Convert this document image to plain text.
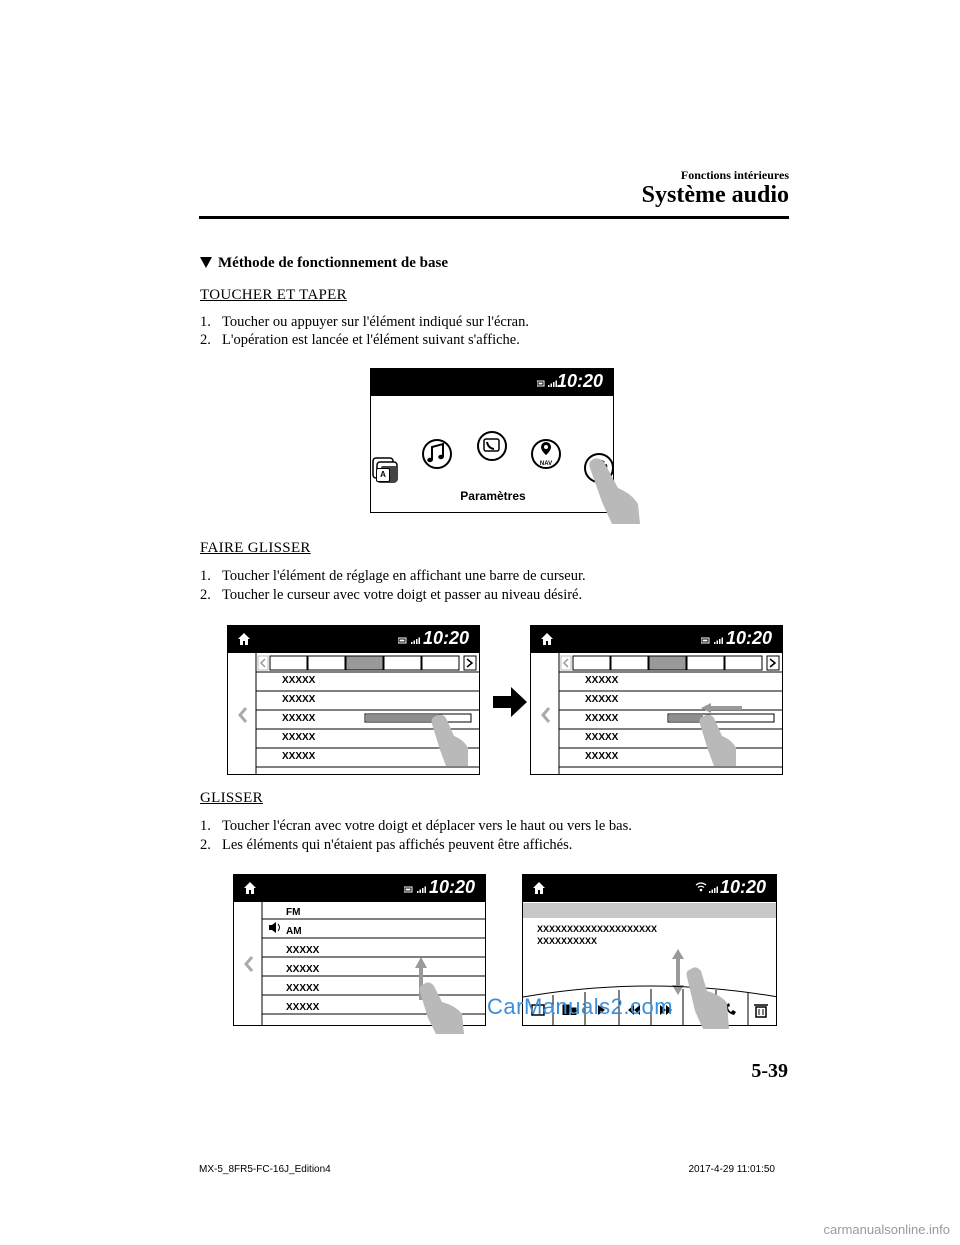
Fonctions intérieures
Système audio
Méthode de fonctionnement de base
TOUCHER ET TAPER
1. Toucher ou appuyer sur l'élément indiqué sur l'écran.
2. L'opération est lancée et l'élément suivant s'affiche.
10:20
NAV
A
Paramètres
FAIRE GLISSER
1. Toucher l'élément de réglage en affichant une barre de curseur.
2. Toucher le curseur avec votre doigt et passer au niveau désiré.
10:20
XXXXX
XXXXX
XXXXX
XXXXX
XXXXX
10:20
XXXXX
XXXXX
XXXXX
XXXXX
XXXXX
GLISSER
1. Toucher l'écran avec votre doigt et déplacer vers le haut ou vers le bas.
2. Les éléments qui n'étaient pas affichés peuvent être affichés.
10:20
FM
AM
XXXXX
XXXXX
XXXXX
XXXXX
10:20
XXXXXXXXXXXXXXXXXXXX
XXXXXXXXXX
CarManuals2.com
5-39
MX-5_8FR5-FC-16J_Edition4	2017-4-29 11:01:50
carmanualsonline.info
